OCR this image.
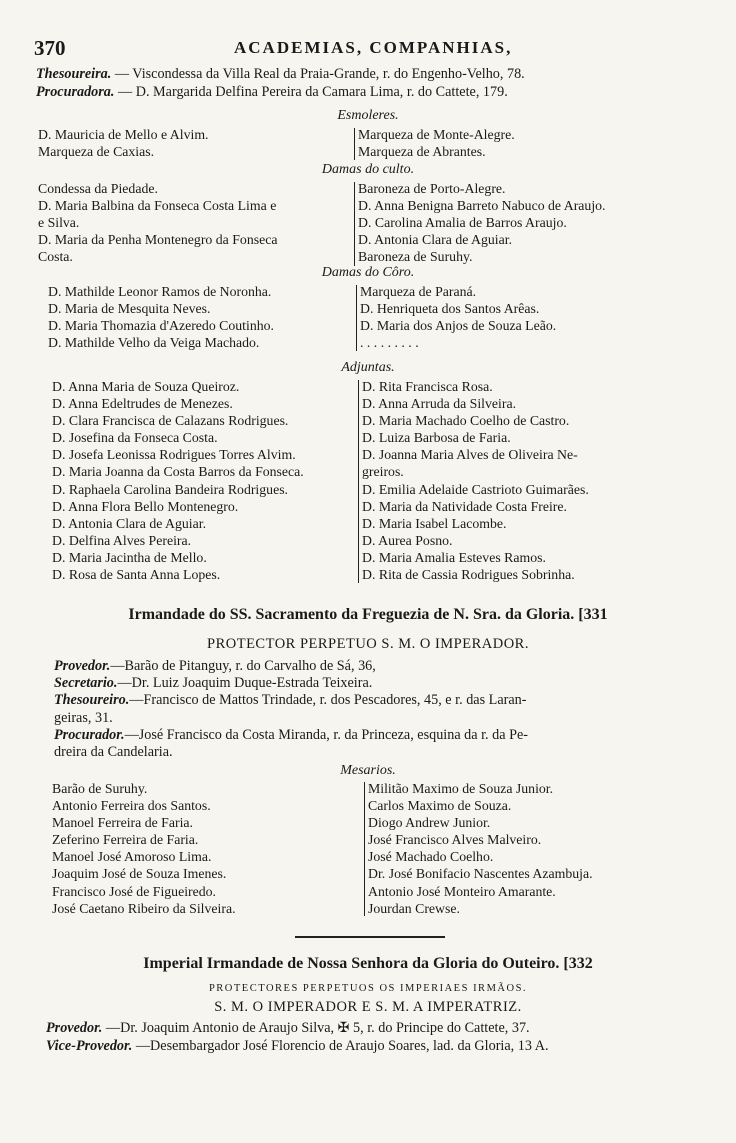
370	ACADEMIAS, COMPANHIAS,
Thesoureira. — Viscondessa da Villa Real da Praia-Grande, r. do Engenho-Velho, 78.
Procuradora. — D. Margarida Delfina Pereira da Camara Lima, r. do Cattete, 179.
Esmoleres.
D. Mauricia de Mello e Alvim.
Marqueza de Caxias.
Marqueza de Monte-Alegre.
Marqueza de Abrantes.
Damas do culto.
Condessa da Piedade.
D. Maria Balbina da Fonseca Costa Lima e
e Silva.
D. Maria da Penha Montenegro da Fonseca
Costa.
Baroneza de Porto-Alegre.
D. Anna Benigna Barreto Nabuco de Araujo.
D. Carolina Amalia de Barros Araujo.
D. Antonia Clara de Aguiar.
Baroneza de Suruhy.
Damas do Côro.
D. Mathilde Leonor Ramos de Noronha.
D. Maria de Mesquita Neves.
D. Maria Thomazia d'Azeredo Coutinho.
D. Mathilde Velho da Veiga Machado.
Marqueza de Paraná.
D. Henriqueta dos Santos Arêas.
D. Maria dos Anjos de Souza Leão.
. . . . . . . . .
Adjuntas.
D. Anna Maria de Souza Queiroz.
D. Anna Edeltrudes de Menezes.
D. Clara Francisca de Calazans Rodrigues.
D. Josefina da Fonseca Costa.
D. Josefa Leonissa Rodrigues Torres Alvim.
D. Maria Joanna da Costa Barros da Fonseca.
D. Raphaela Carolina Bandeira Rodrigues.
D. Anna Flora Bello Montenegro.
D. Antonia Clara de Aguiar.
D. Delfina Alves Pereira.
D. Maria Jacintha de Mello.
D. Rosa de Santa Anna Lopes.
D. Rita Francisca Rosa.
D. Anna Arruda da Silveira.
D. Maria Machado Coelho de Castro.
D. Luiza Barbosa de Faria.
D. Joanna Maria Alves de Oliveira Ne-
greiros.
D. Emilia Adelaide Castrioto Guimarães.
D. Maria da Natividade Costa Freire.
D. Maria Isabel Lacombe.
D. Aurea Posno.
D. Maria Amalia Esteves Ramos.
D. Rita de Cassia Rodrigues Sobrinha.
Irmandade do SS. Sacramento da Freguezia de N. Sra. da Gloria. [331
PROTECTOR PERPETUO S. M. O IMPERADOR.
Provedor.—Barão de Pitanguy, r. do Carvalho de Sá, 36,
Secretario.—Dr. Luiz Joaquim Duque-Estrada Teixeira.
Thesoureiro.—Francisco de Mattos Trindade, r. dos Pescadores, 45, e r. das Laran-
geiras, 31.
Procurador.—José Francisco da Costa Miranda, r. da Princeza, esquina da r. da Pe-
dreira da Candelaria.
Mesarios.
Barão de Suruhy.
Antonio Ferreira dos Santos.
Manoel Ferreira de Faria.
Zeferino Ferreira de Faria.
Manoel José Amoroso Lima.
Joaquim José de Souza Imenes.
Francisco José de Figueiredo.
José Caetano Ribeiro da Silveira.
Militão Maximo de Souza Junior.
Carlos Maximo de Souza.
Diogo Andrew Junior.
José Francisco Alves Malveiro.
José Machado Coelho.
Dr. José Bonifacio Nascentes Azambuja.
Antonio José Monteiro Amarante.
Jourdan Crewse.
Imperial Irmandade de Nossa Senhora da Gloria do Outeiro. [332
PROTECTORES PERPETUOS OS IMPERIAES IRMÃOS.
S. M. O IMPERADOR E S. M. A IMPERATRIZ.
Provedor. —Dr. Joaquim Antonio de Araujo Silva, ✠ 5, r. do Principe do Cattete, 37.
Vice-Provedor. —Desembargador José Florencio de Araujo Soares, lad. da Gloria, 13 A.
